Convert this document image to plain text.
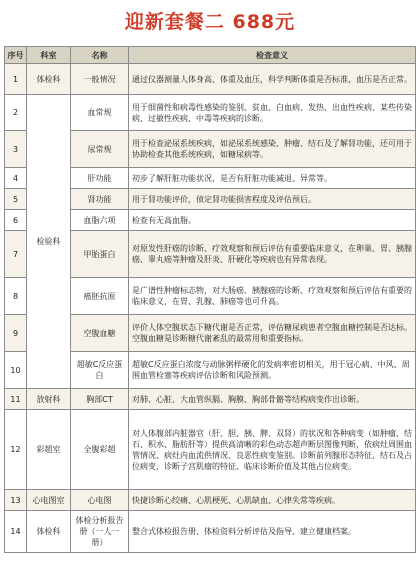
迎新套餐二 688元
序号	科室	名称	检查意义
1	体检科	一般情况	通过仪器测量人体身高、体重及血压，科学判断体重是否标准、血压是否正常。
2	检验科	血常规	用于细菌性和病毒性感染的鉴别、贫血、白血病、发热、出血性疾病、某些传染病、过敏性疾病、中毒等疾病的诊断。
3		尿常规	用于检查泌尿系统疾病，如泌尿系统感染、肿瘤、结石及了解肾功能，还可用于协助检查其他系统疾病，如糖尿病等。
4		肝功能	初步了解肝脏功能状况，是否有肝脏功能减退、异常等。
5		肾功能	用于肾功能评价，侦定肾功能损害程度及评估预后。
6		血脂六项	检查有无高血脂。
7		甲胎蛋白	对原发性肝癌的诊断、疗效观察和预后评估有重要临床意义，在卵巢、胃、胰腺癌、睾丸癌等肿瘤及肝炎、肝硬化等疾病也有异常表现。
8		癌胚抗原	是广谱性肿瘤标志物，对大肠癌、胰腺癌的诊断、疗效观察和预后评估有重要的临床意义，在胃、乳腺、肺癌等也可升高。
9		空腹血糖	评价人体空腹状态下糖代谢是否正常，评估糖尿病患者空腹血糖控制是否达标。空腹血糖是诊断糖代谢紊乱的最常用和重要指标。
10		超敏C反应蛋白	超敏C反应蛋白浓度与动脉粥样硬化的发病率密切相关，用于冠心病、中风、周围血管栓塞等疾病评估诊断和风险预测。
11	放射科	胸部CT	对肺、心脏、大血管纵膈、胸膜、胸部骨骼等结构病变作出诊断。
12	彩超室	全腹彩超	对人体腹部内脏器官（肝、胆、胰、脾、双肾）的状况和各种病变（如肿瘤、结石、积水、脂肪肝等）提供高清晰的彩色动态超声断层图像判断，依病灶周围血管情况、病灶内血流供情况、良恶性病变鉴别。诊断前列腺形态特征、结石及占位病变，诊断子宫肌瘤的特征、临床诊断价值及其他占位病变。
13	心电图室	心电图	快捷诊断心绞痛、心肌梗死、心肌缺血、心律失常等疾病。
14	体检科	体检分析报告册（一人一册）	整合式体检报告册、体检资料分析评估及指导、建立健康档案。
